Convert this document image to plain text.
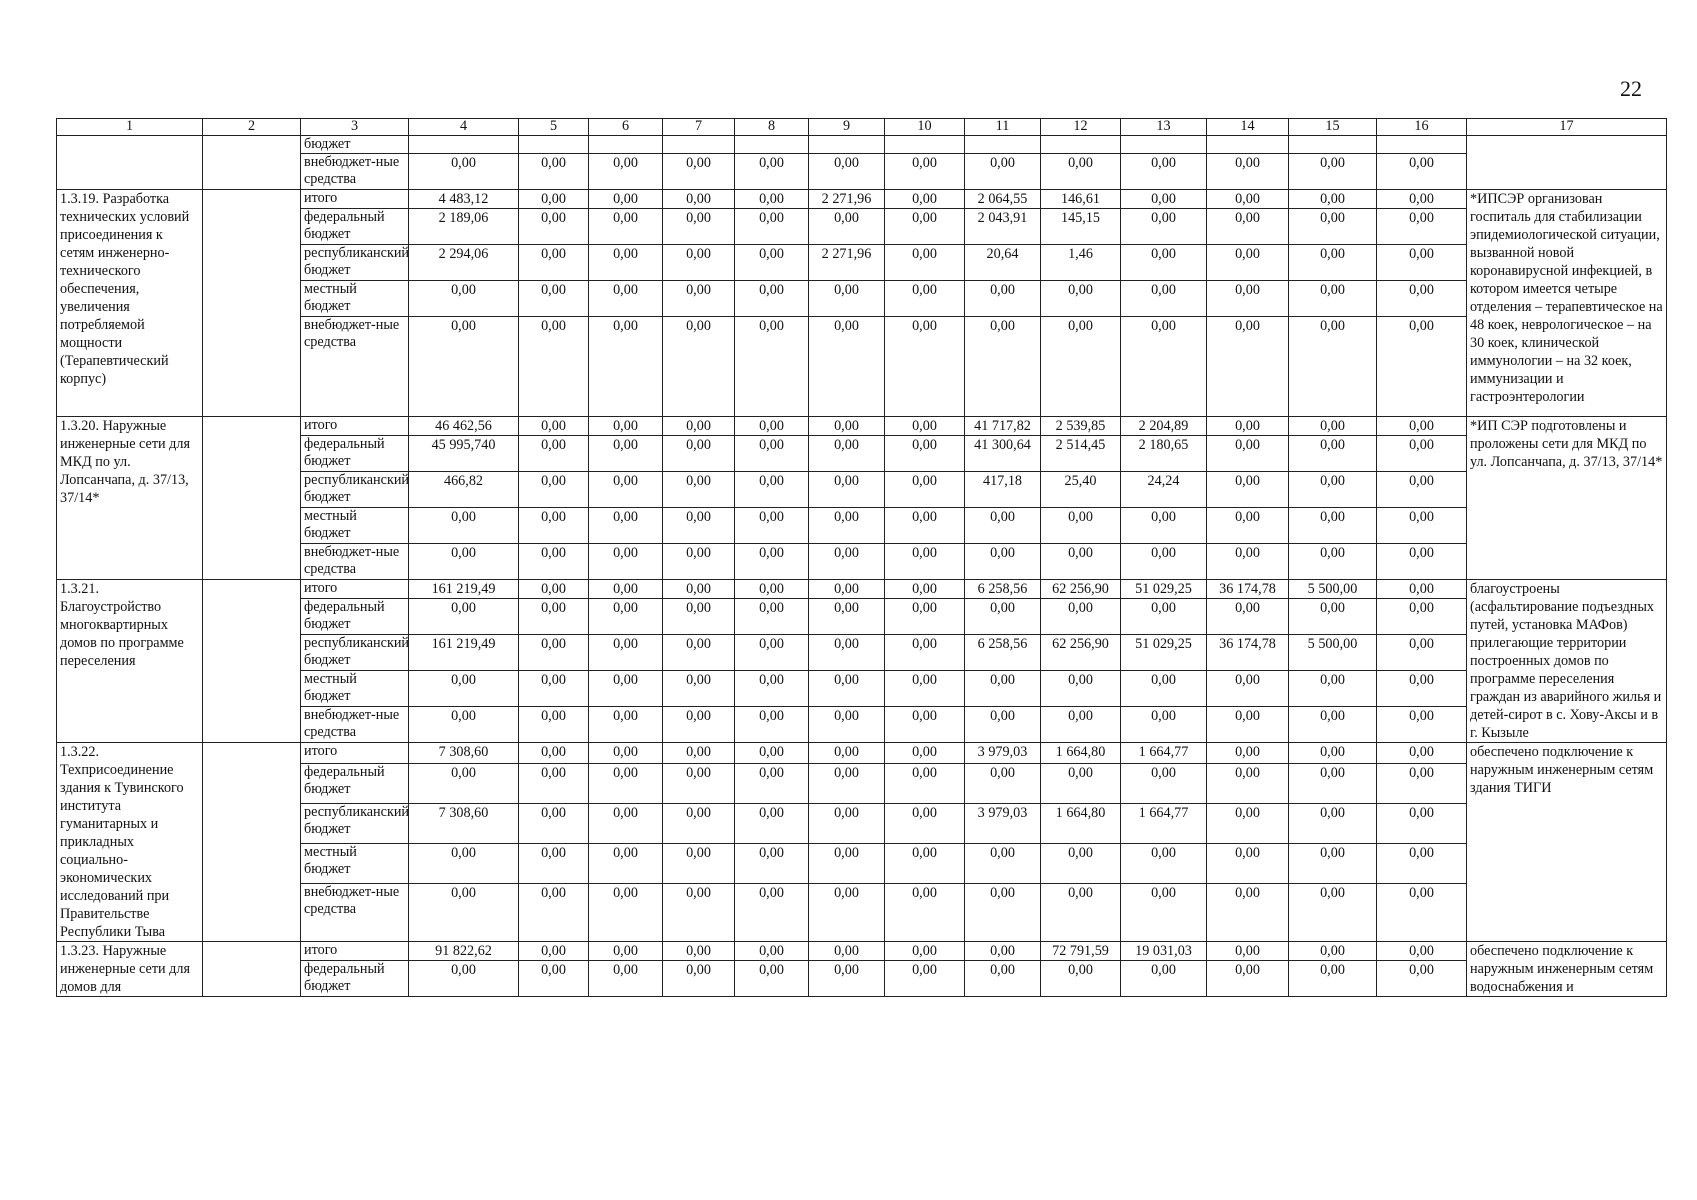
22
1	2	3	4	5	6	7	8	9	10	11	12	13	14	15	16	17
		бюджет														
		внебюджет-ные средства	0,00	0,00	0,00	0,00	0,00	0,00	0,00	0,00	0,00	0,00	0,00	0,00	0,00	
1.3.19. Разработка технических условий присоединения к сетям инженерно-технического обеспечения, увеличения потребляемой мощности (Терапевтический корпус)		итого	4 483,12	0,00	0,00	0,00	0,00	2 271,96	0,00	2 064,55	146,61	0,00	0,00	0,00	0,00	*ИПСЭР организован госпиталь для стабилизации эпидемиологической ситуации, вызванной новой коронавирусной инфекцией, в котором имеется четыре отделения – терапевтическое на 48 коек, неврологическое – на 30 коек, клинической иммунологии – на 32 коек, иммунизации и гастроэнтерологии
		федеральный бюджет	2 189,06	0,00	0,00	0,00	0,00	0,00	0,00	2 043,91	145,15	0,00	0,00	0,00	0,00	
		республиканский бюджет	2 294,06	0,00	0,00	0,00	0,00	2 271,96	0,00	20,64	1,46	0,00	0,00	0,00	0,00	
		местный бюджет	0,00	0,00	0,00	0,00	0,00	0,00	0,00	0,00	0,00	0,00	0,00	0,00	0,00	
		внебюджет-ные средства	0,00	0,00	0,00	0,00	0,00	0,00	0,00	0,00	0,00	0,00	0,00	0,00	0,00	
1.3.20. Наружные инженерные сети для МКД по ул. Лопсанчапа, д. 37/13, 37/14*		итого	46 462,56	0,00	0,00	0,00	0,00	0,00	0,00	41 717,82	2 539,85	2 204,89	0,00	0,00	0,00	*ИП СЭР подготовлены и проложены сети для МКД по ул. Лопсанчапа, д. 37/13, 37/14*
		федеральный бюджет	45 995,740	0,00	0,00	0,00	0,00	0,00	0,00	41 300,64	2 514,45	2 180,65	0,00	0,00	0,00	
		республиканский бюджет	466,82	0,00	0,00	0,00	0,00	0,00	0,00	417,18	25,40	24,24	0,00	0,00	0,00	
		местный бюджет	0,00	0,00	0,00	0,00	0,00	0,00	0,00	0,00	0,00	0,00	0,00	0,00	0,00	
		внебюджет-ные средства	0,00	0,00	0,00	0,00	0,00	0,00	0,00	0,00	0,00	0,00	0,00	0,00	0,00	
1.3.21. Благоустройство многоквартирных домов по программе переселения		итого	161 219,49	0,00	0,00	0,00	0,00	0,00	0,00	6 258,56	62 256,90	51 029,25	36 174,78	5 500,00	0,00	благоустроены (асфальтирование подъездных путей, установка МАФов) прилегающие территории построенных домов по программе переселения граждан из аварийного жилья и детей-сирот в с. Хову-Аксы и в г. Кызыле
		федеральный бюджет	0,00	0,00	0,00	0,00	0,00	0,00	0,00	0,00	0,00	0,00	0,00	0,00	0,00	
		республиканский бюджет	161 219,49	0,00	0,00	0,00	0,00	0,00	0,00	6 258,56	62 256,90	51 029,25	36 174,78	5 500,00	0,00	
		местный бюджет	0,00	0,00	0,00	0,00	0,00	0,00	0,00	0,00	0,00	0,00	0,00	0,00	0,00	
		внебюджет-ные средства	0,00	0,00	0,00	0,00	0,00	0,00	0,00	0,00	0,00	0,00	0,00	0,00	0,00	
1.3.22. Техприсоединение здания к Тувинского института гуманитарных и прикладных социально-экономических исследований при Правительстве Республики Тыва		итого	7 308,60	0,00	0,00	0,00	0,00	0,00	0,00	3 979,03	1 664,80	1 664,77	0,00	0,00	0,00	обеспечено подключение к наружным инженерным сетям здания ТИГИ
		федеральный бюджет	0,00	0,00	0,00	0,00	0,00	0,00	0,00	0,00	0,00	0,00	0,00	0,00	0,00	
		республиканский бюджет	7 308,60	0,00	0,00	0,00	0,00	0,00	0,00	3 979,03	1 664,80	1 664,77	0,00	0,00	0,00	
		местный бюджет	0,00	0,00	0,00	0,00	0,00	0,00	0,00	0,00	0,00	0,00	0,00	0,00	0,00	
		внебюджет-ные средства	0,00	0,00	0,00	0,00	0,00	0,00	0,00	0,00	0,00	0,00	0,00	0,00	0,00	
1.3.23. Наружные инженерные сети для домов для		итого	91 822,62	0,00	0,00	0,00	0,00	0,00	0,00	0,00	72 791,59	19 031,03	0,00	0,00	0,00	обеспечено подключение к наружным инженерным сетям водоснабжения и
		федеральный бюджет	0,00	0,00	0,00	0,00	0,00	0,00	0,00	0,00	0,00	0,00	0,00	0,00	0,00	
